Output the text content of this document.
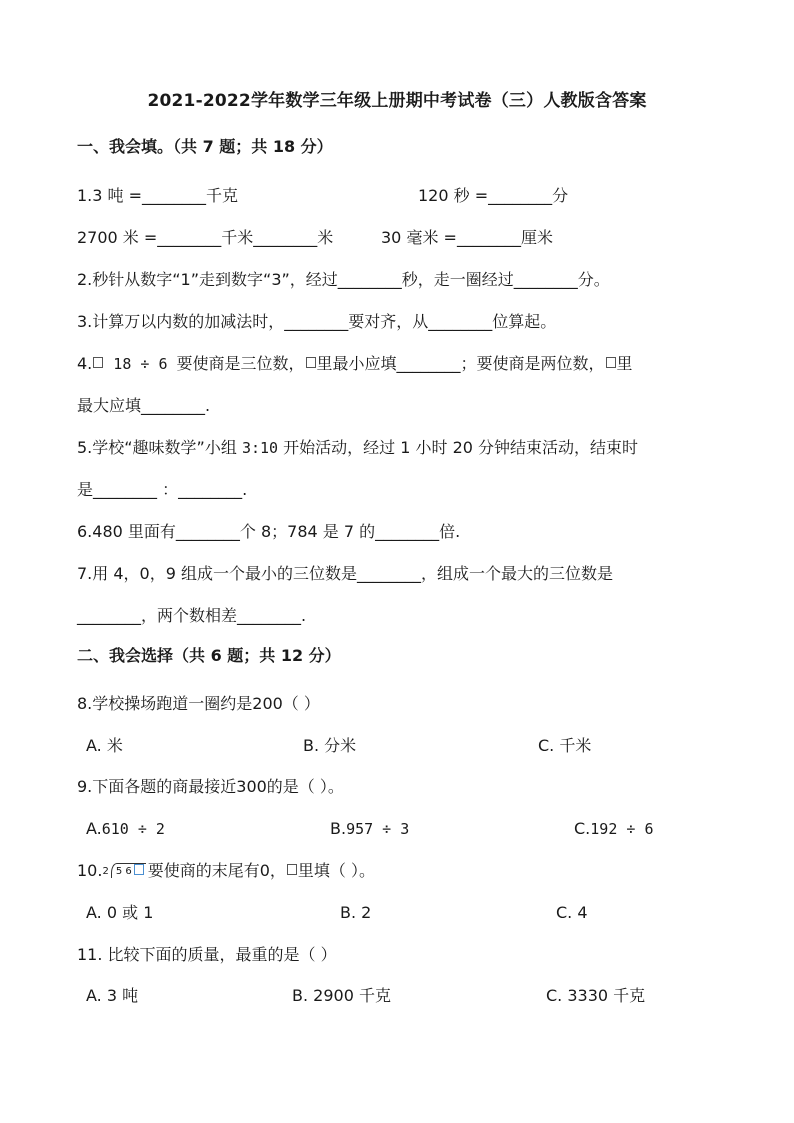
2021-2022学年数学三年级上册期中考试卷（三）人教版含答案
一、我会填。（共 7 题；共 18 分）
1.3 吨 =________千克	120 秒 =________分
2700 米 =________千米________米	30 毫米 =________厘米
2.秒针从数字“1”走到数字“3”，经过________秒，走一圈经过________分。
3.计算万以内数的加减法时，________要对齐，从________位算起。
4. 18 ÷ 6 要使商是三位数， 里最小应填________；要使商是两位数， 里
最大应填________.
5.学校“趣味数学”小组 3:10 开始活动，经过 1 小时 20 分钟结束活动，结束时
是________ ：________.
6.480 里面有________个 8；784 是 7 的________倍.
7.用 4，0，9 组成一个最小的三位数是________，组成一个最大的三位数是
________，两个数相差________.
二、我会选择（共 6 题；共 12 分）
8.学校操场跑道一圈约是200（ ）
A. 米	B. 分米	C. 千米
9.下面各题的商最接近300的是（ ）。
A.610 ÷ 2	B.957 ÷ 3	C.192 ÷ 6
10.2 5 6 要使商的末尾有0， 里填（ ）。
A. 0 或 1	B. 2	C. 4
11. 比较下面的质量，最重的是（ ）
A. 3 吨	B. 2900 千克	C. 3330 千克
